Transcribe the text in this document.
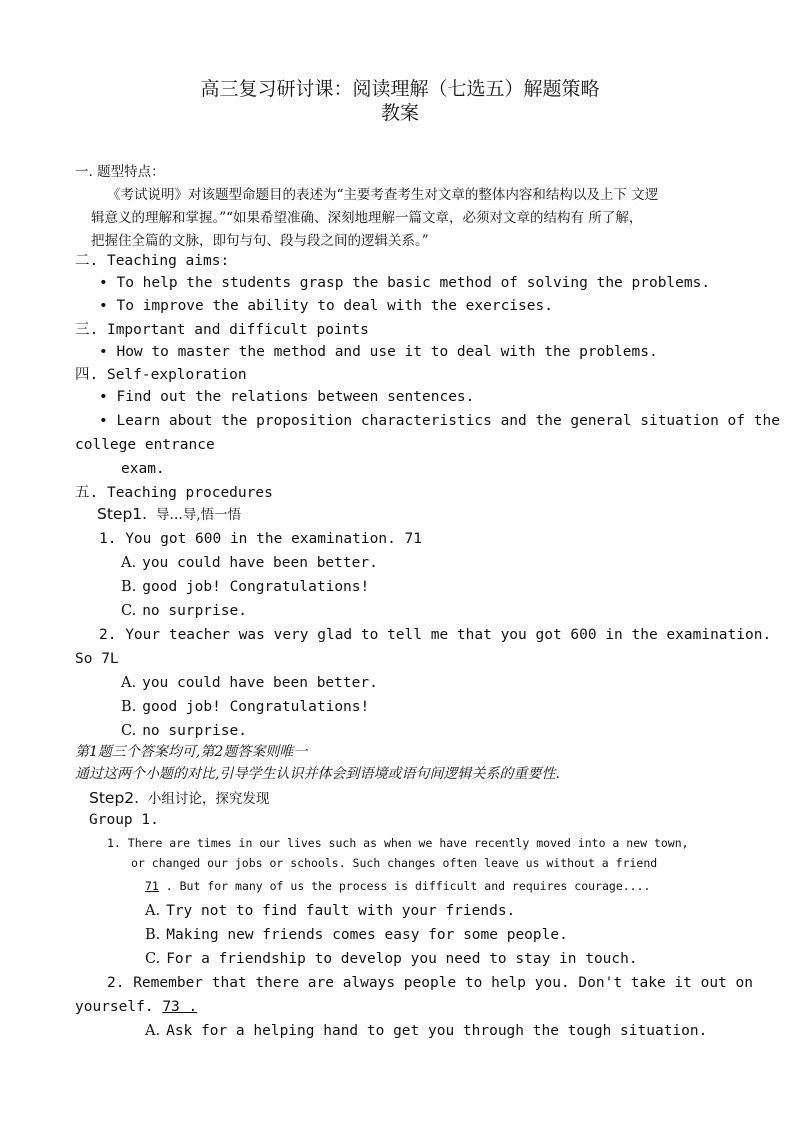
高三复习研讨课：阅读理解（七选五）解题策略
教案
一. 题型特点：
《考试说明》对该题型命题目的表述为“主要考查考生对文章的整体内容和结构以及上下 文逻
辑意义的理解和掌握。”“如果希望准确、深刻地理解一篇文章，必须对文章的结构有 所了解，
把握住全篇的文脉，即句与句、段与段之间的逻辑关系。”
二. Teaching aims:
• To help the students grasp the basic method of solving the problems.
• To improve the ability to deal with the exercises.
三. Important and difficult points
• How to master the method and use it to deal with the problems.
四. Self-exploration
• Find out the relations between sentences.
• Learn about the proposition characteristics and the general situation of the
college entrance
exam.
五. Teaching procedures
Step1. 导…导,悟一悟
1. You got 600 in the examination. 71
A. you could have been better.
B. good job! Congratulations!
C. no surprise.
2. Your teacher was very glad to tell me that you got 600 in the examination.
So 7L
A. you could have been better.
B. good job! Congratulations!
C. no surprise.
第1题三个答案均可,第2题答案则唯一
通过这两个小题的对比,引导学生认识并体会到语境或语句间逻辑关系的重要性.
Step2. 小组讨论，探究发现
Group 1.
1. There are times in our lives such as when we have recently moved into a new town,
or changed our jobs or schools. Such changes often leave us without a friend
71 . But for many of us the process is difficult and requires courage....
A. Try not to find fault with your friends.
B. Making new friends comes easy for some people.
C. For a friendship to develop you need to stay in touch.
2. Remember that there are always people to help you. Don't take it out on
yourself. 73 .
A. Ask for a helping hand to get you through the tough situation.
